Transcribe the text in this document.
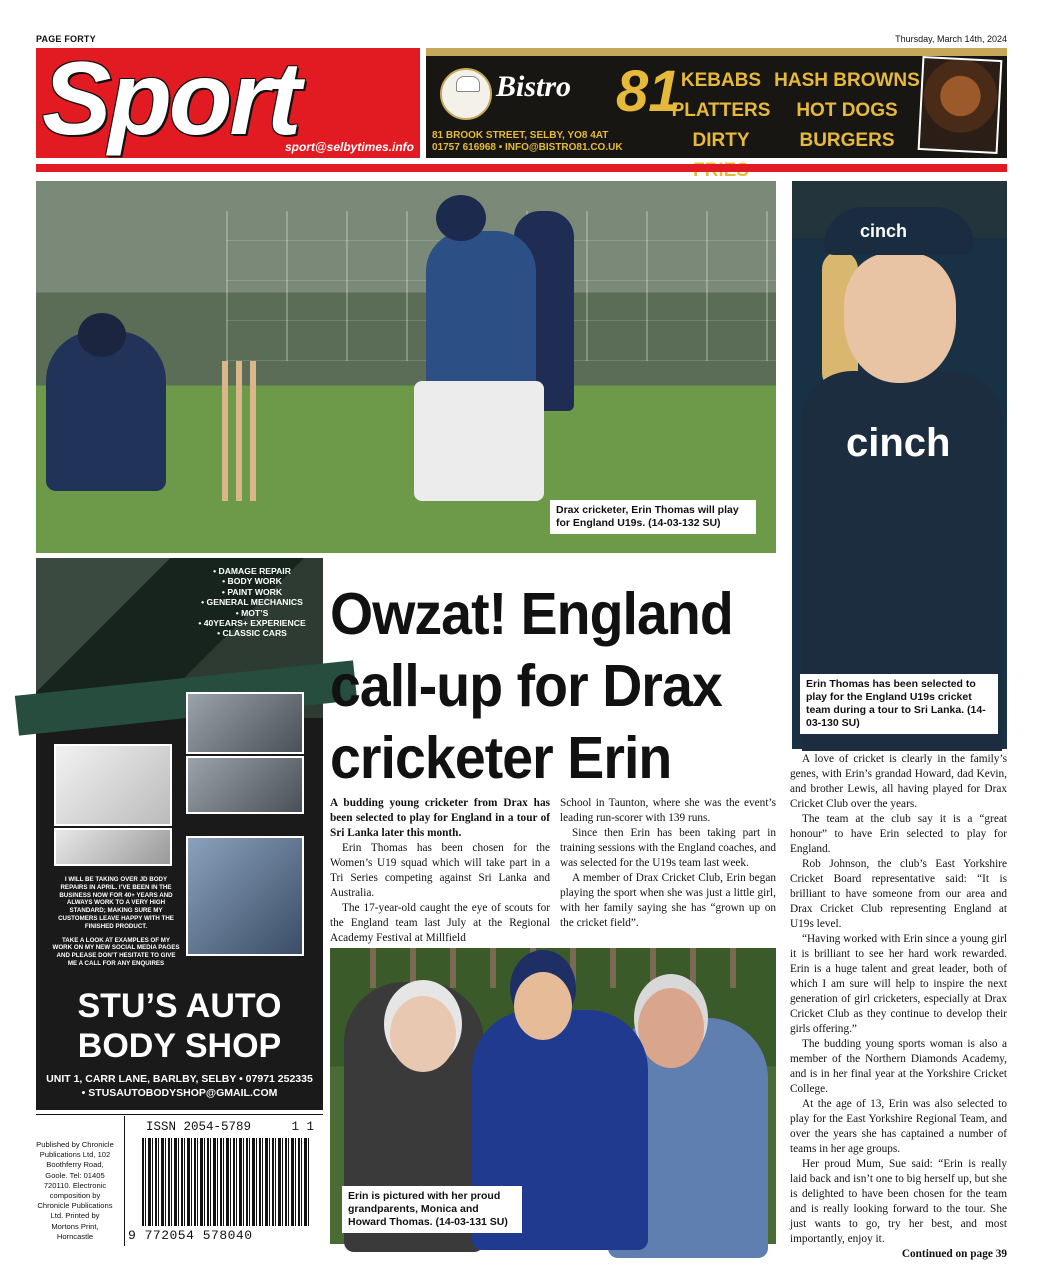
PAGE FORTY	Thursday, March 14th, 2024
Sport
sport@selbytimes.info
Bistro 81
81 BROOK STREET, SELBY, YO8 4AT
01757 616968 • INFO@BISTRO81.CO.UK
KEBABS
PLATTERS
DIRTY
HASH BROWNS
HOT DOGS
BURGERS
Drax cricketer, Erin Thomas will play for England U19s. (14-03-132 SU)
cinch
cinch
Erin Thomas has been selected to play for the England U19s cricket team during a tour to Sri Lanka. (14-03-130 SU)
• DAMAGE REPAIR
• BODY WORK
• PAINT WORK
• GENERAL MECHANICS
• MOT’S
• 40YEARS+ EXPERIENCE
• CLASSIC CARS
I WILL BE TAKING OVER JD BODY REPAIRS IN APRIL. I’VE BEEN IN THE BUSINESS NOW FOR 40+ YEARS AND ALWAYS WORK TO A VERY HIGH STANDARD; MAKING SURE MY CUSTOMERS LEAVE HAPPY WITH THE FINISHED PRODUCT.
TAKE A LOOK AT EXAMPLES OF MY WORK ON MY NEW SOCIAL MEDIA PAGES AND PLEASE DON’T HESITATE TO GIVE ME A CALL FOR ANY ENQUIRES
STU’S AUTO
BODY SHOP
UNIT 1, CARR LANE, BARLBY, SELBY • 07971 252335
• STUSAUTOBODYSHOP@GMAIL.COM
Owzat! England call-up for Drax cricketer Erin

A budding young cricketer from Drax has been selected to play for England in a tour of Sri Lanka later this month.

Erin Thomas has been chosen for the Women’s U19 squad which will take part in a Tri Series competing against Sri Lanka and Australia.

The 17-year-old caught the eye of scouts for the England team last July at the Regional Academy Festival at Millfield

School in Taunton, where she was the event’s leading run-scorer with 139 runs.

Since then Erin has been taking part in training sessions with the England coaches, and was selected for the U19s team last week.

A member of Drax Cricket Club, Erin began playing the sport when she was just a little girl, with her family saying she has “grown up on the cricket field”.

A love of cricket is clearly in the family’s genes, with Erin’s grandad Howard, dad Kevin, and brother Lewis, all having played for Drax Cricket Club over the years.

The team at the club say it is a “great honour” to have Erin selected to play for England.

Rob Johnson, the club’s East Yorkshire Cricket Board representative said: “It is brilliant to have someone from our area and Drax Cricket Club representing England at U19s level.

“Having worked with Erin since a young girl it is brilliant to see her hard work rewarded. Erin is a huge talent and great leader, both of which I am sure will help to inspire the next generation of girl cricketers, especially at Drax Cricket Club as they continue to develop their girls offering.”

The budding young sports woman is also a member of the Northern Diamonds Academy, and is in her final year at the Yorkshire Cricket College.

At the age of 13, Erin was also selected to play for the East Yorkshire Regional Team, and over the years she has captained a number of teams in her age groups.

Her proud Mum, Sue said: “Erin is really laid back and isn’t one to big herself up, but she is delighted to have been chosen for the team and is really looking forward to the tour. She just wants to go, try her best, and most importantly, enjoy it.

Continued on page 39

Erin is pictured with her proud grandparents, Monica and Howard Thomas. (14-03-131 SU)
Published by Chronicle Publications Ltd, 102 Boothferry Road, Goole. Tel: 01405 720110. Electronic composition by Chronicle Publications Ltd. Printed by Mortons Print, Horncastle
ISSN 2054-5789	1 1
9 772054 578040
